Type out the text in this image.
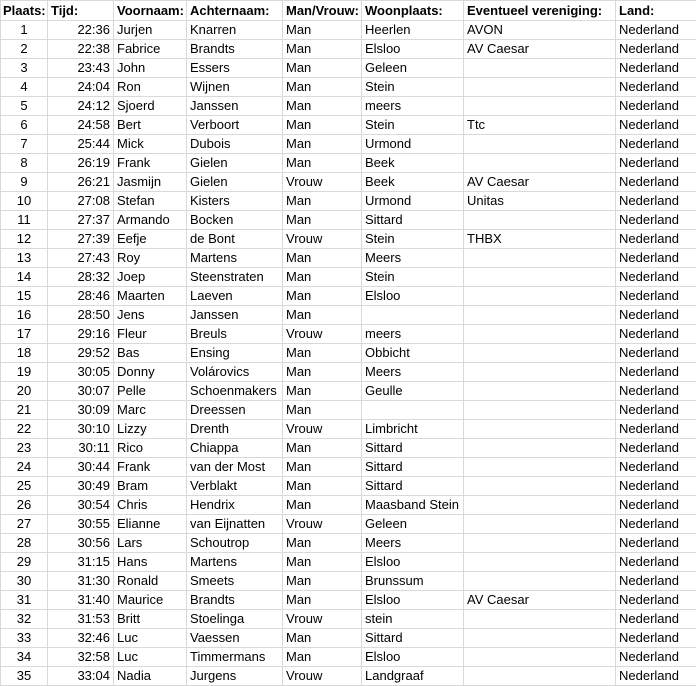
Plaats:	Tijd:	Voornaam:	Achternaam:	Man/Vrouw:	Woonplaats:	Eventueel vereniging:	Land:
1	22:36	Jurjen	Knarren	Man	Heerlen	AVON	Nederland
2	22:38	Fabrice	Brandts	Man	Elsloo	AV Caesar	Nederland
3	23:43	John	Essers	Man	Geleen		Nederland
4	24:04	Ron	Wijnen	Man	Stein		Nederland
5	24:12	Sjoerd	Janssen	Man	meers		Nederland
6	24:58	Bert	Verboort	Man	Stein	Ttc	Nederland
7	25:44	Mick	Dubois	Man	Urmond		Nederland
8	26:19	Frank	Gielen	Man	Beek		Nederland
9	26:21	Jasmijn	Gielen	Vrouw	Beek	AV Caesar	Nederland
10	27:08	Stefan	Kisters	Man	Urmond	Unitas	Nederland
11	27:37	Armando	Bocken	Man	Sittard		Nederland
12	27:39	Eefje	de Bont	Vrouw	Stein	THBX	Nederland
13	27:43	Roy	Martens	Man	Meers		Nederland
14	28:32	Joep	Steenstraten	Man	Stein		Nederland
15	28:46	Maarten	Laeven	Man	Elsloo		Nederland
16	28:50	Jens	Janssen	Man			Nederland
17	29:16	Fleur	Breuls	Vrouw	meers		Nederland
18	29:52	Bas	Ensing	Man	Obbicht		Nederland
19	30:05	Donny	Volárovics	Man	Meers		Nederland
20	30:07	Pelle	Schoenmakers	Man	Geulle		Nederland
21	30:09	Marc	Dreessen	Man			Nederland
22	30:10	Lizzy	Drenth	Vrouw	Limbricht		Nederland
23	30:11	Rico	Chiappa	Man	Sittard		Nederland
24	30:44	Frank	van der Most	Man	Sittard		Nederland
25	30:49	Bram	Verblakt	Man	Sittard		Nederland
26	30:54	Chris	Hendrix	Man	Maasband Stein		Nederland
27	30:55	Elianne	van Eijnatten	Vrouw	Geleen		Nederland
28	30:56	Lars	Schoutrop	Man	Meers		Nederland
29	31:15	Hans	Martens	Man	Elsloo		Nederland
30	31:30	Ronald	Smeets	Man	Brunssum		Nederland
31	31:40	Maurice	Brandts	Man	Elsloo	AV Caesar	Nederland
32	31:53	Britt	Stoelinga	Vrouw	stein		Nederland
33	32:46	Luc	Vaessen	Man	Sittard		Nederland
34	32:58	Luc	Timmermans	Man	Elsloo		Nederland
35	33:04	Nadia	Jurgens	Vrouw	Landgraaf		Nederland
